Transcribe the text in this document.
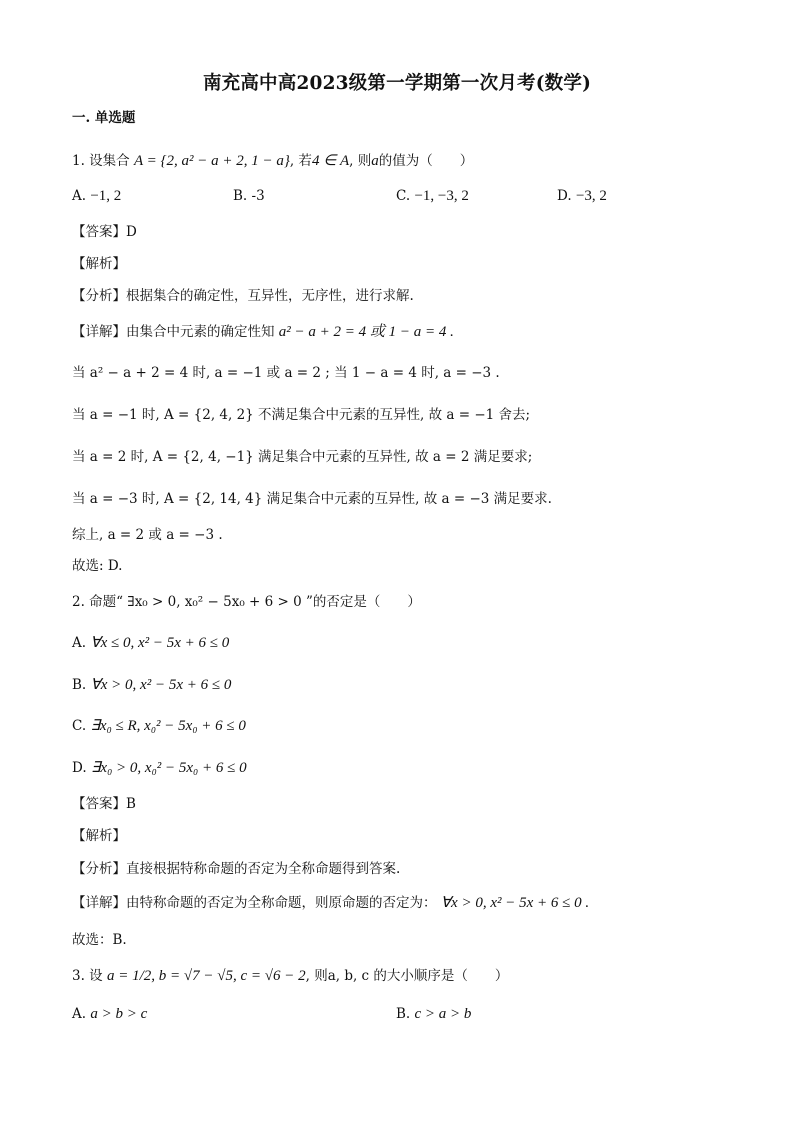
南充高中高2023级第一学期第一次月考(数学)
一. 单选题
1. 设集合 A = {2, a² − a + 2, 1 − a}, 若4 ∈ A, 则a的值为（　　）
A. −1, 2	B. -3	C. −1, −3, 2	D. −3, 2
【答案】D
【解析】
【分析】根据集合的确定性，互异性，无序性，进行求解.
【详解】由集合中元素的确定性知 a² − a + 2 = 4 或 1 − a = 4 .
当 a² − a + 2 = 4 时, a = −1 或 a = 2 ; 当 1 − a = 4 时, a = −3 .
当 a = −1 时, A = {2, 4, 2} 不满足集合中元素的互异性, 故 a = −1 舍去;
当 a = 2 时, A = {2, 4, −1} 满足集合中元素的互异性, 故 a = 2 满足要求;
当 a = −3 时, A = {2, 14, 4} 满足集合中元素的互异性, 故 a = −3 满足要求.
综上, a = 2 或 a = −3 .
故选: D.
2. 命题“ ∃x₀ > 0, x₀² − 5x₀ + 6 > 0 ”的否定是（　　）
A. ∀x ≤ 0, x² − 5x + 6 ≤ 0
B. ∀x > 0, x² − 5x + 6 ≤ 0
C. ∃x₀ ≤ R, x₀² − 5x₀ + 6 ≤ 0
D. ∃x₀ > 0, x₀² − 5x₀ + 6 ≤ 0
【答案】B
【解析】
【分析】直接根据特称命题的否定为全称命题得到答案.
【详解】由特称命题的否定为全称命题，则原命题的否定为： ∀x > 0, x² − 5x + 6 ≤ 0 .
故选：B.
3. 设 a = 1/2, b = √7 − √5, c = √6 − 2, 则a, b, c 的大小顺序是（　　）
A. a > b > c	B. c > a > b
